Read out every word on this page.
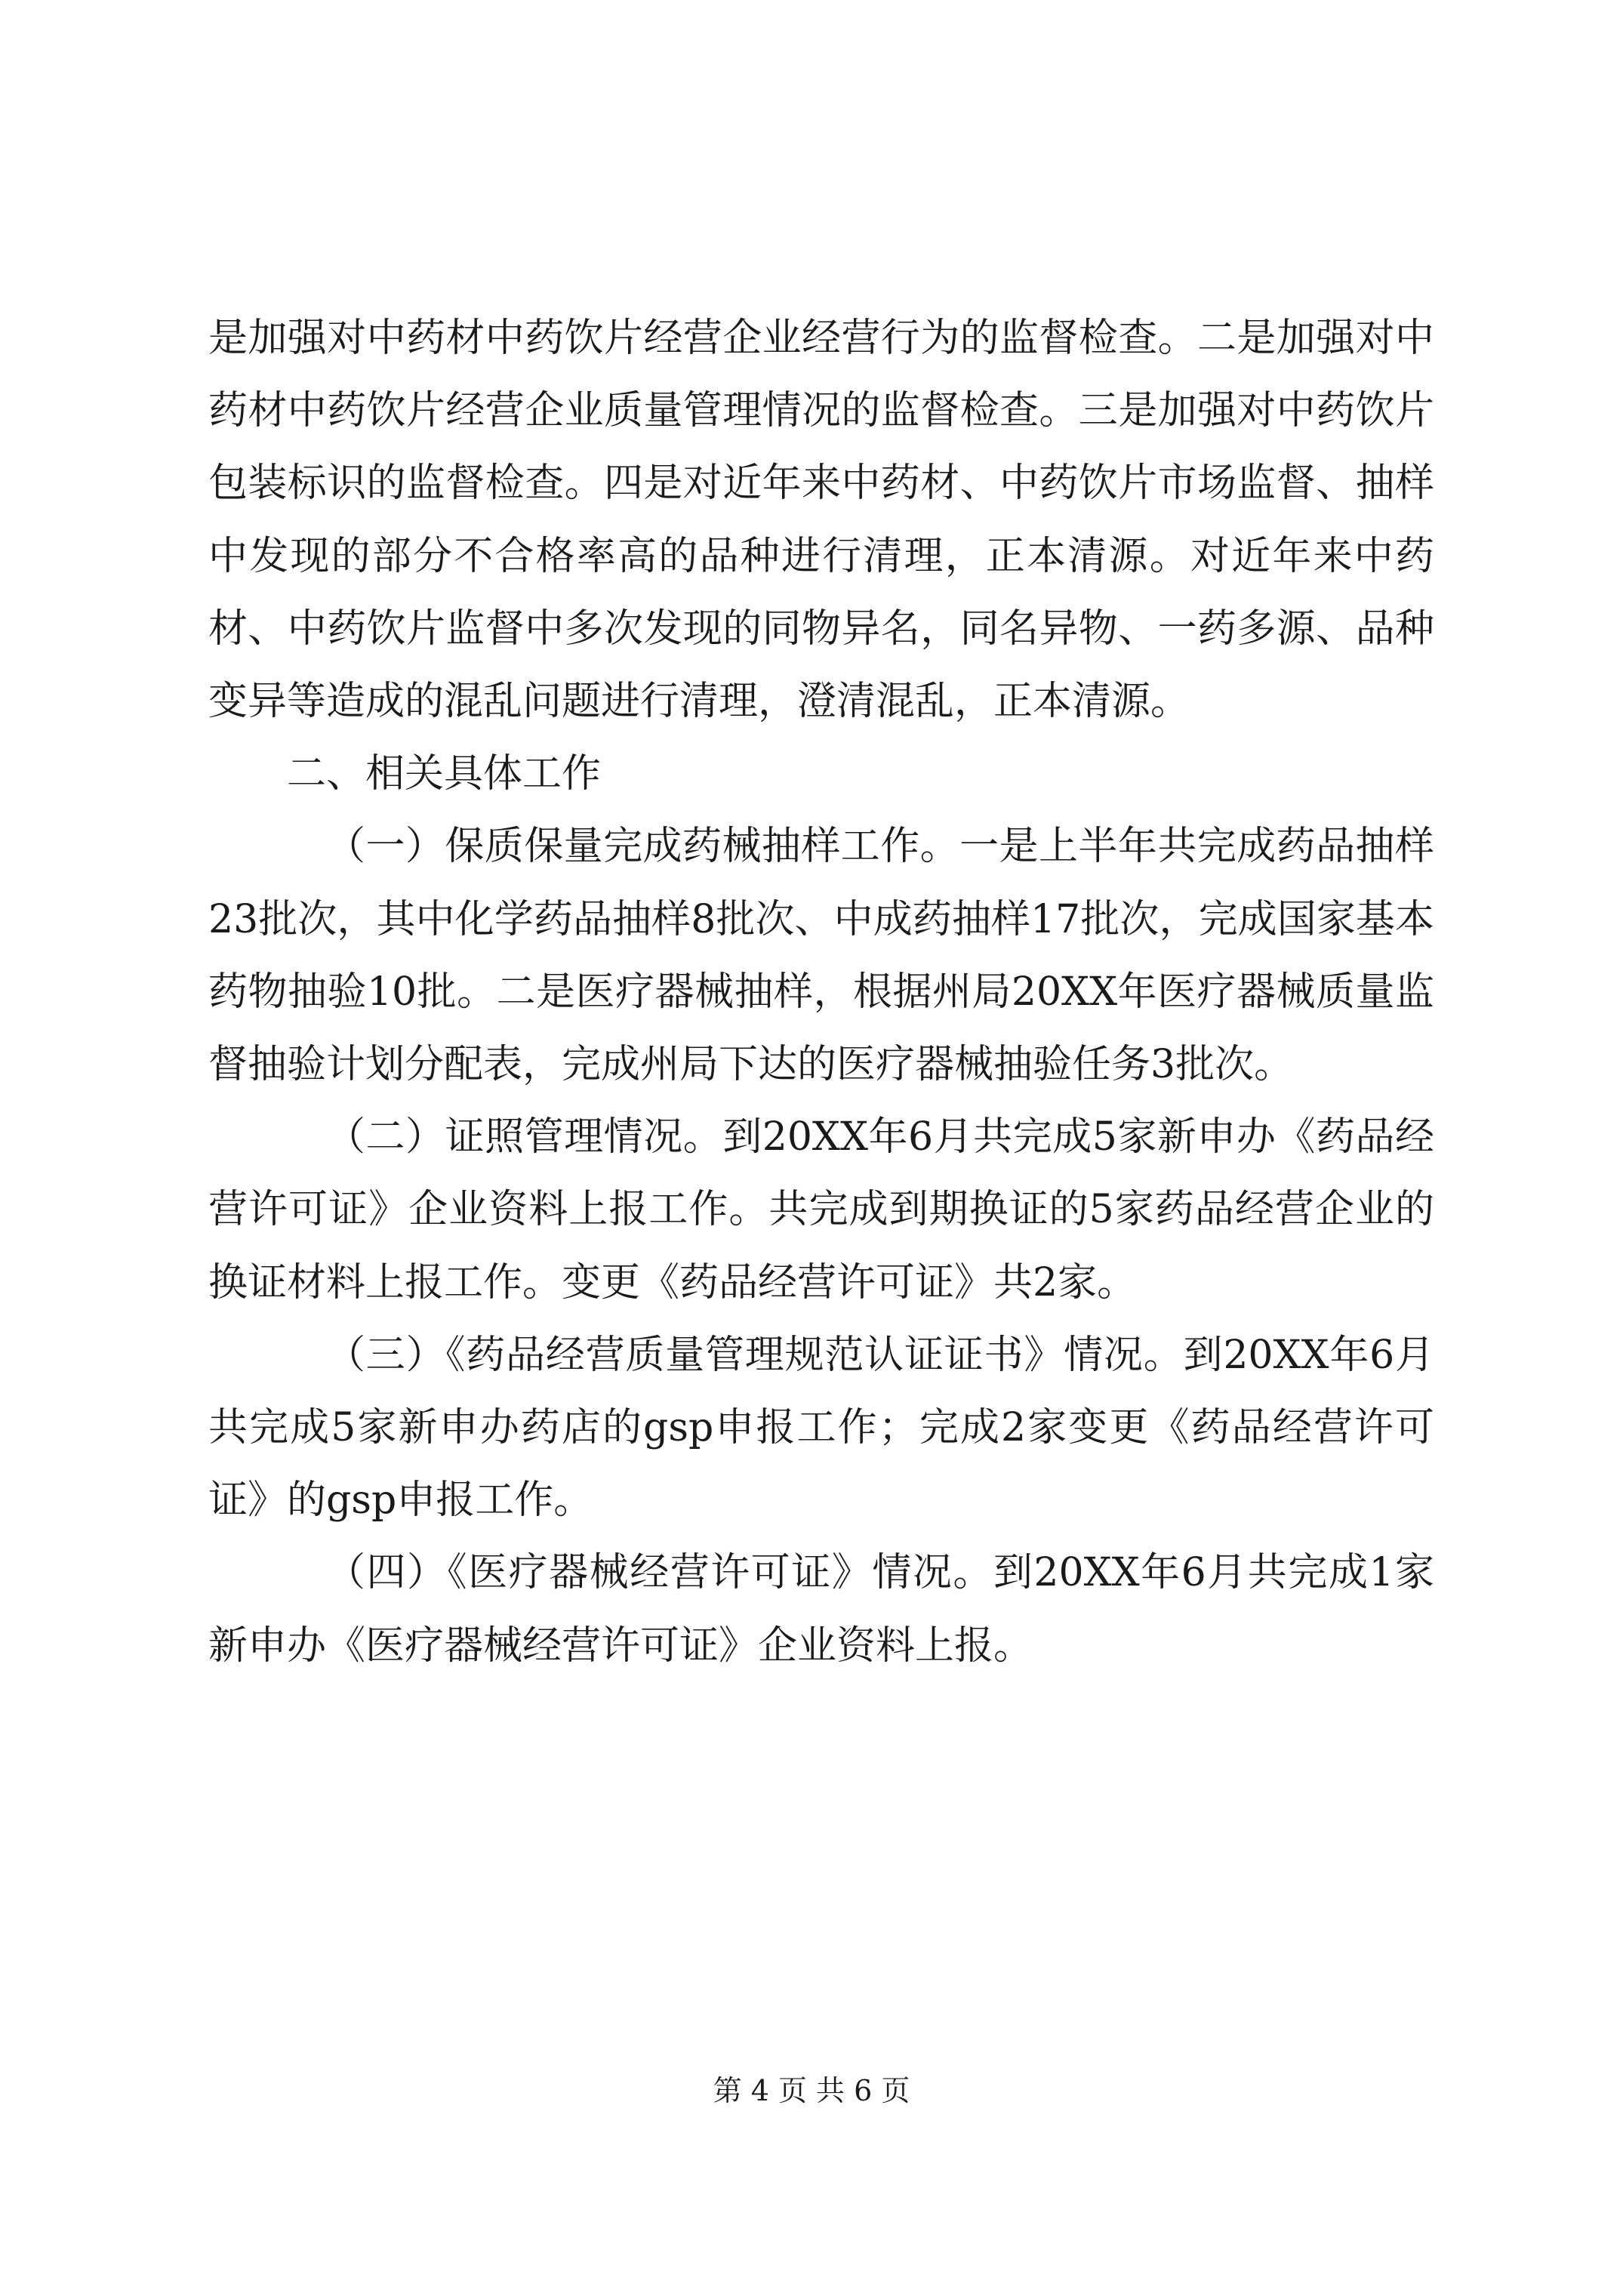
是加强对中药材中药饮片经营企业经营行为的监督检查。二是加强对中药材中药饮片经营企业质量管理情况的监督检查。三是加强对中药饮片包装标识的监督检查。四是对近年来中药材、中药饮片市场监督、抽样中发现的部分不合格率高的品种进行清理，正本清源。对近年来中药材、中药饮片监督中多次发现的同物异名，同名异物、一药多源、品种变异等造成的混乱问题进行清理，澄清混乱，正本清源。

二、相关具体工作

（一）保质保量完成药械抽样工作。一是上半年共完成药品抽样23批次，其中化学药品抽样8批次、中成药抽样17批次，完成国家基本药物抽验10批。二是医疗器械抽样，根据州局20XX年医疗器械质量监督抽验计划分配表，完成州局下达的医疗器械抽验任务3批次。

（二）证照管理情况。到20XX年6月共完成5家新申办《药品经营许可证》企业资料上报工作。共完成到期换证的5家药品经营企业的换证材料上报工作。变更《药品经营许可证》共2家。

（三）《药品经营质量管理规范认证证书》情况。到20XX年6月共完成5家新申办药店的gsp申报工作；完成2家变更《药品经营许可证》的gsp申报工作。

（四）《医疗器械经营许可证》情况。到20XX年6月共完成1家新申办《医疗器械经营许可证》企业资料上报。

第 4 页 共 6 页
